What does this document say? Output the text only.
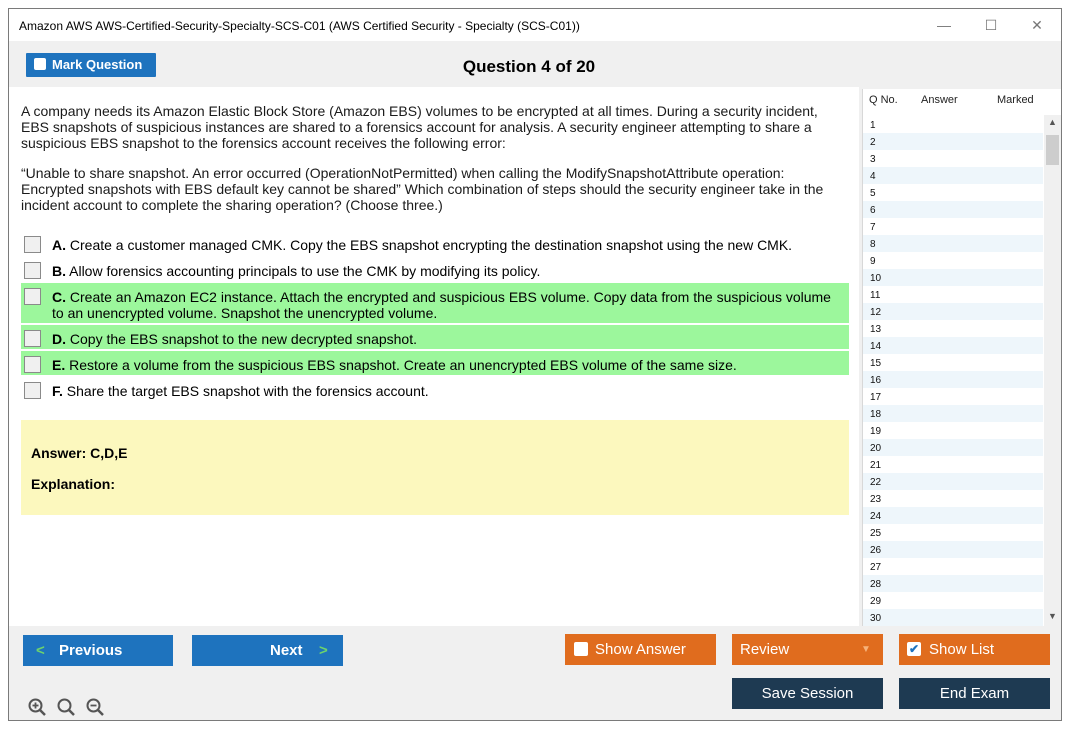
Amazon AWS AWS-Certified-Security-Specialty-SCS-C01 (AWS Certified Security - Specialty (SCS-C01))	— ☐ ✕
Mark Question	Question 4 of 20
A company needs its Amazon Elastic Block Store (Amazon EBS) volumes to be encrypted at all times. During a security incident, EBS snapshots of suspicious instances are shared to a forensics account for analysis. A security engineer attempting to share a suspicious EBS snapshot to the forensics account receives the following error:
“Unable to share snapshot. An error occurred (OperationNotPermitted) when calling the ModifySnapshotAttribute operation: Encrypted snapshots with EBS default key cannot be shared” Which combination of steps should the security engineer take in the incident account to complete the sharing operation? (Choose three.)
A. Create a customer managed CMK. Copy the EBS snapshot encrypting the destination snapshot using the new CMK.
B. Allow forensics accounting principals to use the CMK by modifying its policy.
C. Create an Amazon EC2 instance. Attach the encrypted and suspicious EBS volume. Copy data from the suspicious volume to an unencrypted volume. Snapshot the unencrypted volume.
D. Copy the EBS snapshot to the new decrypted snapshot.
E. Restore a volume from the suspicious EBS snapshot. Create an unencrypted EBS volume of the same size.
F. Share the target EBS snapshot with the forensics account.
Answer: C,D,E
Explanation:
Q No. Answer	Marked
1
2
3
4
5
6
7
8
9
10
11
12
13
14
15
16
17
18
19
20
21
22
23
24
25
26
27
28
29
30
▲
▼
< Previous	Next >	Show Answer	Review	▼	✔ Show List
Save Session	End Exam
